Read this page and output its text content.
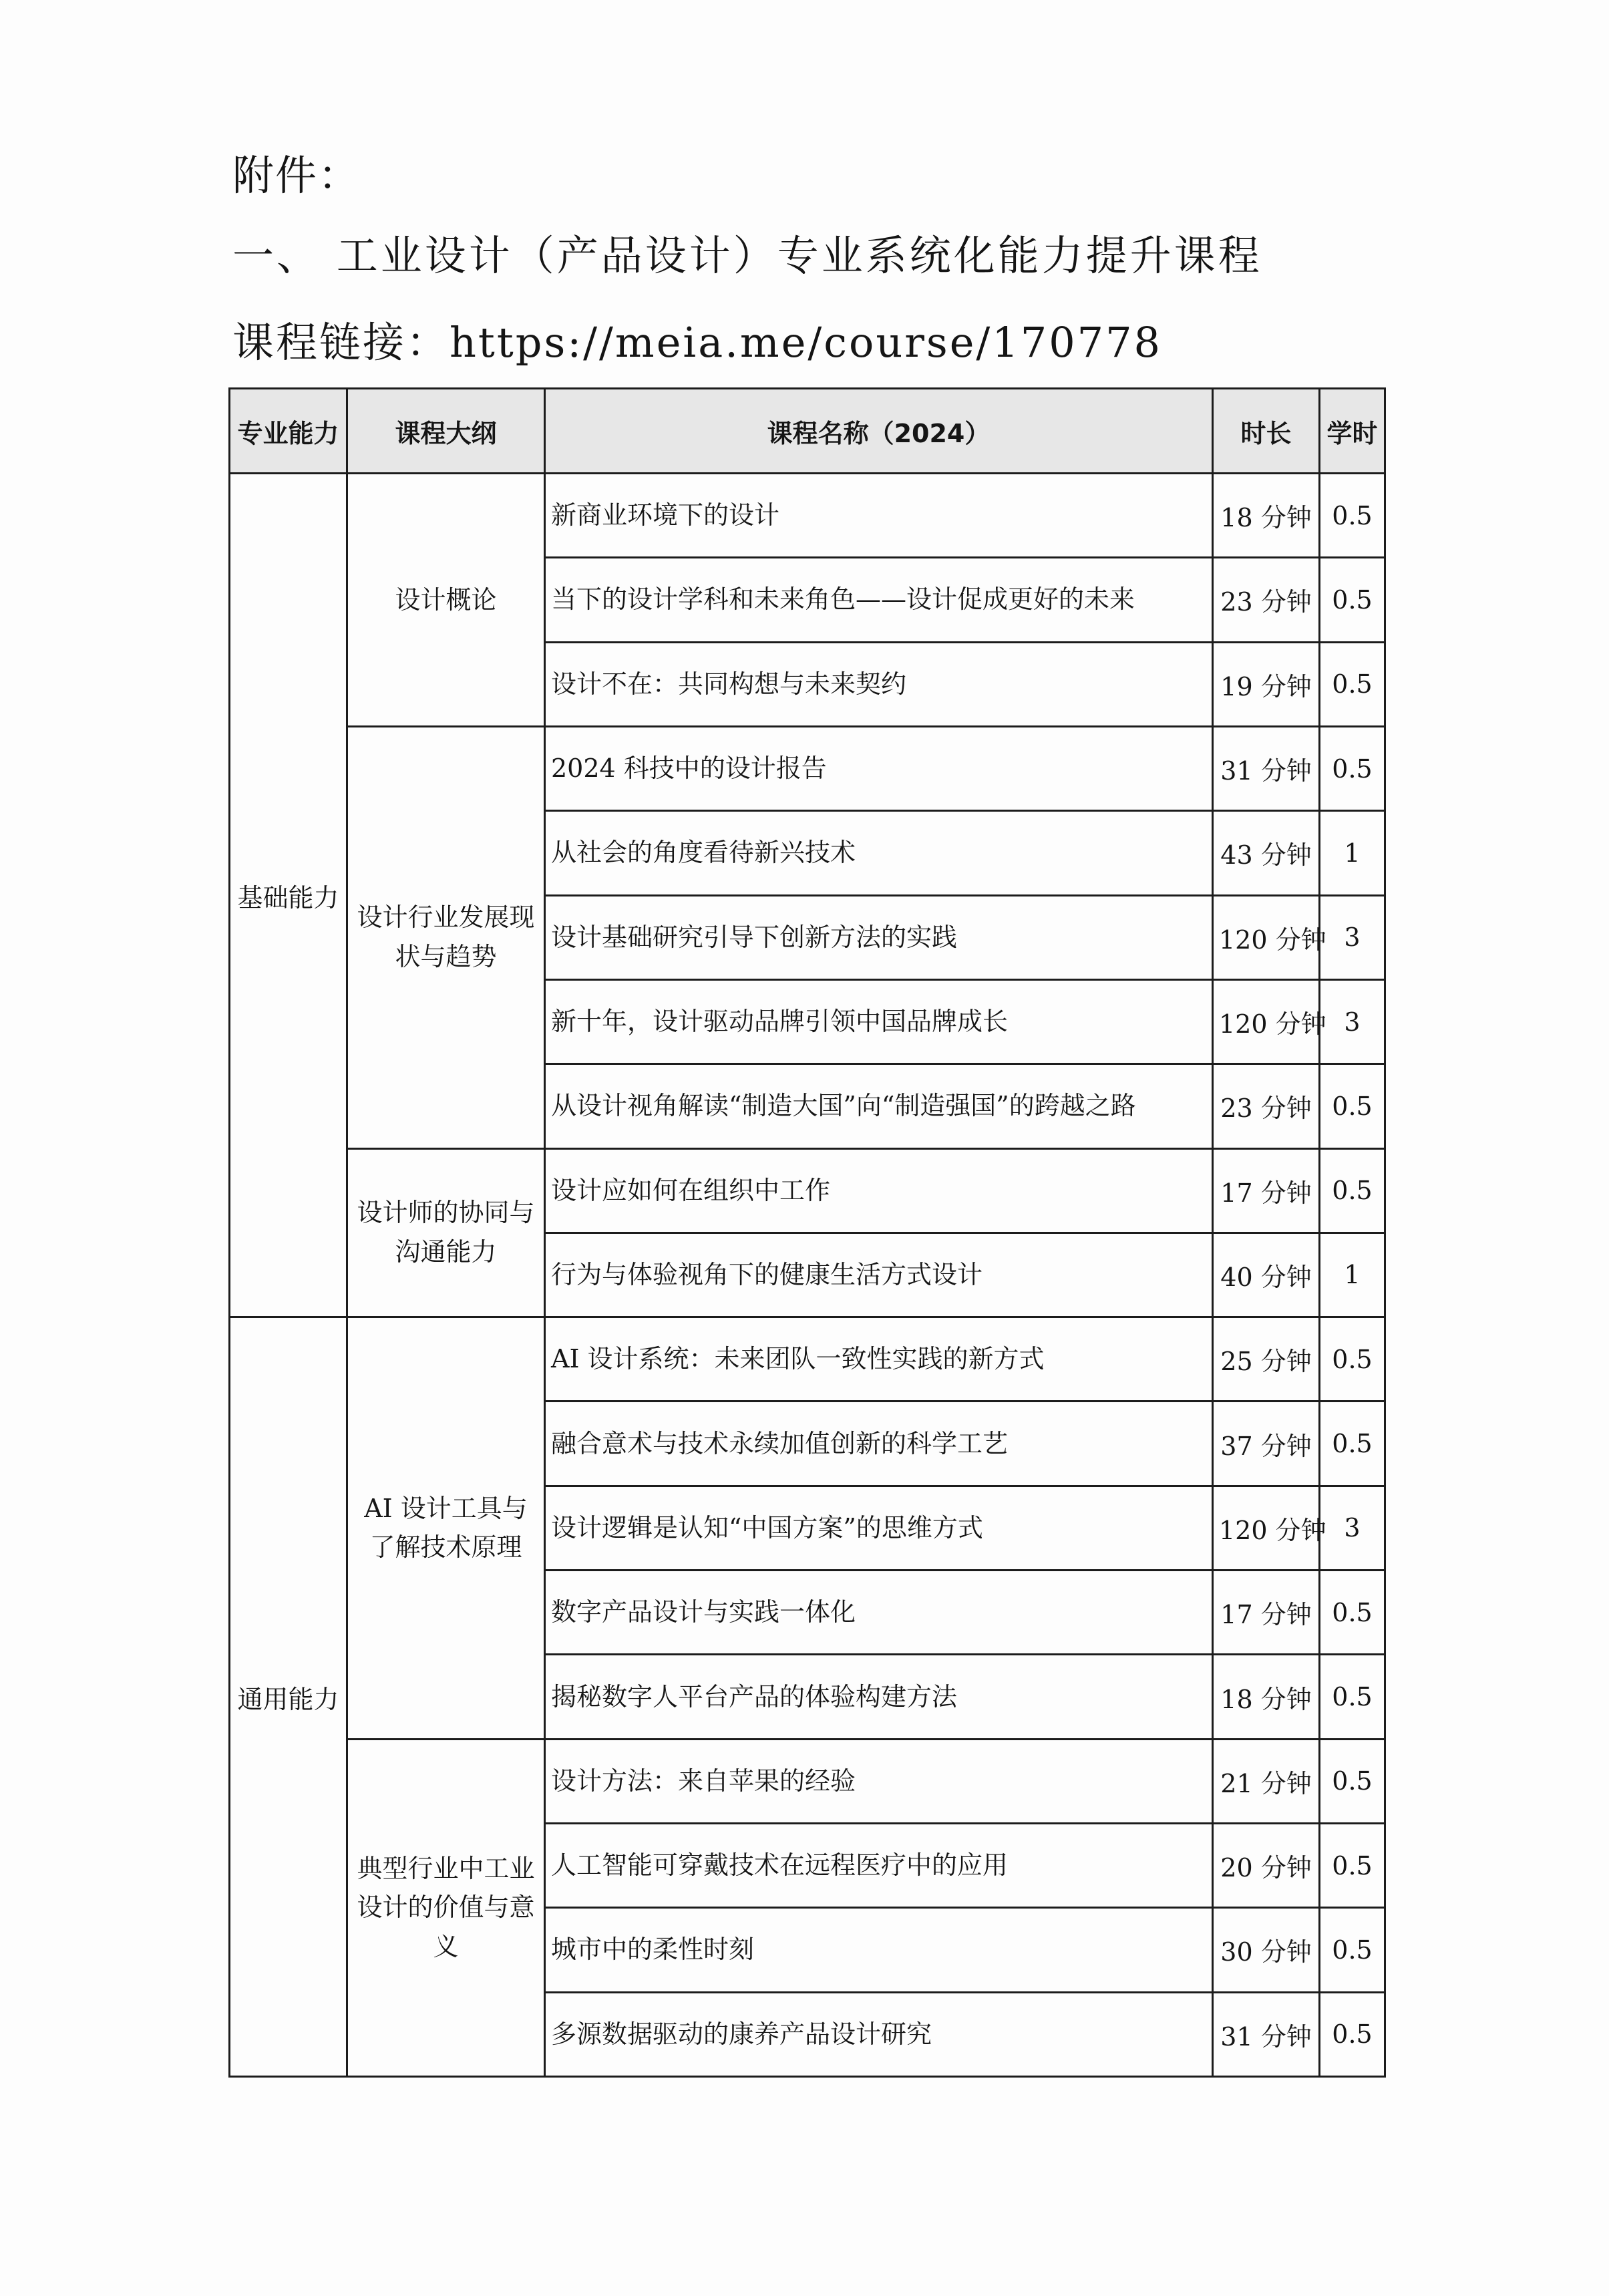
附件：
一、 工业设计（产品设计）专业系统化能力提升课程
课程链接：https://meia.me/course/170778
专业能力	课程大纲	课程名称（2024）	时长	学时
基础能力	设计概论	新商业环境下的设计	18 分钟	0.5
		当下的设计学科和未来角色——设计促成更好的未来	23 分钟	0.5
		设计不在：共同构想与未来契约	19 分钟	0.5
	设计行业发展现状与趋势	2024 科技中的设计报告	31 分钟	0.5
		从社会的角度看待新兴技术	43 分钟	1
		设计基础研究引导下创新方法的实践	120 分钟	3
		新十年，设计驱动品牌引领中国品牌成长	120 分钟	3
		从设计视角解读“制造大国”向“制造强国”的跨越之路	23 分钟	0.5
	设计师的协同与沟通能力	设计应如何在组织中工作	17 分钟	0.5
		行为与体验视角下的健康生活方式设计	40 分钟	1
通用能力	AI 设计工具与了解技术原理	AI 设计系统：未来团队一致性实践的新方式	25 分钟	0.5
		融合意术与技术永续加值创新的科学工艺	37 分钟	0.5
		设计逻辑是认知“中国方案”的思维方式	120 分钟	3
		数字产品设计与实践一体化	17 分钟	0.5
		揭秘数字人平台产品的体验构建方法	18 分钟	0.5
	典型行业中工业设计的价值与意义	设计方法：来自苹果的经验	21 分钟	0.5
		人工智能可穿戴技术在远程医疗中的应用	20 分钟	0.5
		城市中的柔性时刻	30 分钟	0.5
		多源数据驱动的康养产品设计研究	31 分钟	0.5
